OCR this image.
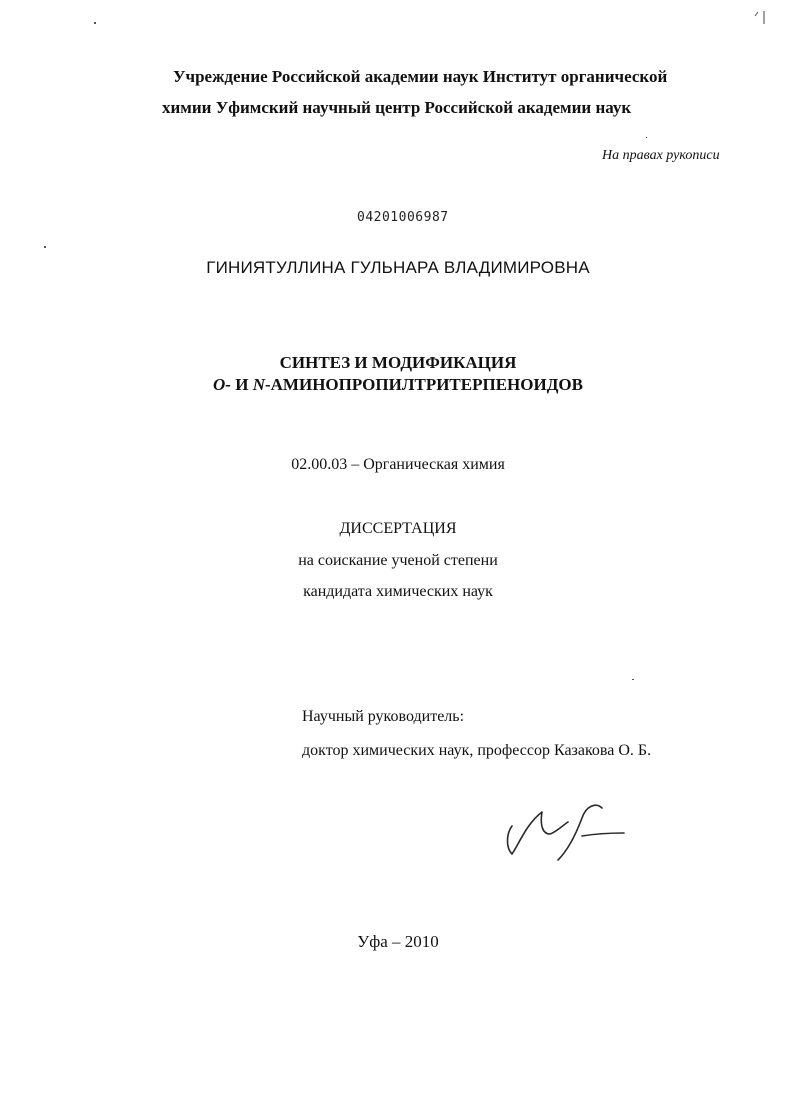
Учреждение Российской академии наук Институт органической
химии Уфимский научный центр Российской академии наук
На правах рукописи
04201006987
ГИНИЯТУЛЛИНА ГУЛЬНАРА ВЛАДИМИРОВНА
СИНТЕЗ И МОДИФИКАЦИЯ
О- И N-АМИНОПРОПИЛТРИТЕРПЕНОИДОВ
02.00.03 – Органическая химия
ДИССЕРТАЦИЯ
на соискание ученой степени
кандидата химических наук
Научный руководитель:
доктор химических наук, профессор Казакова О. Б.
Уфа – 2010
